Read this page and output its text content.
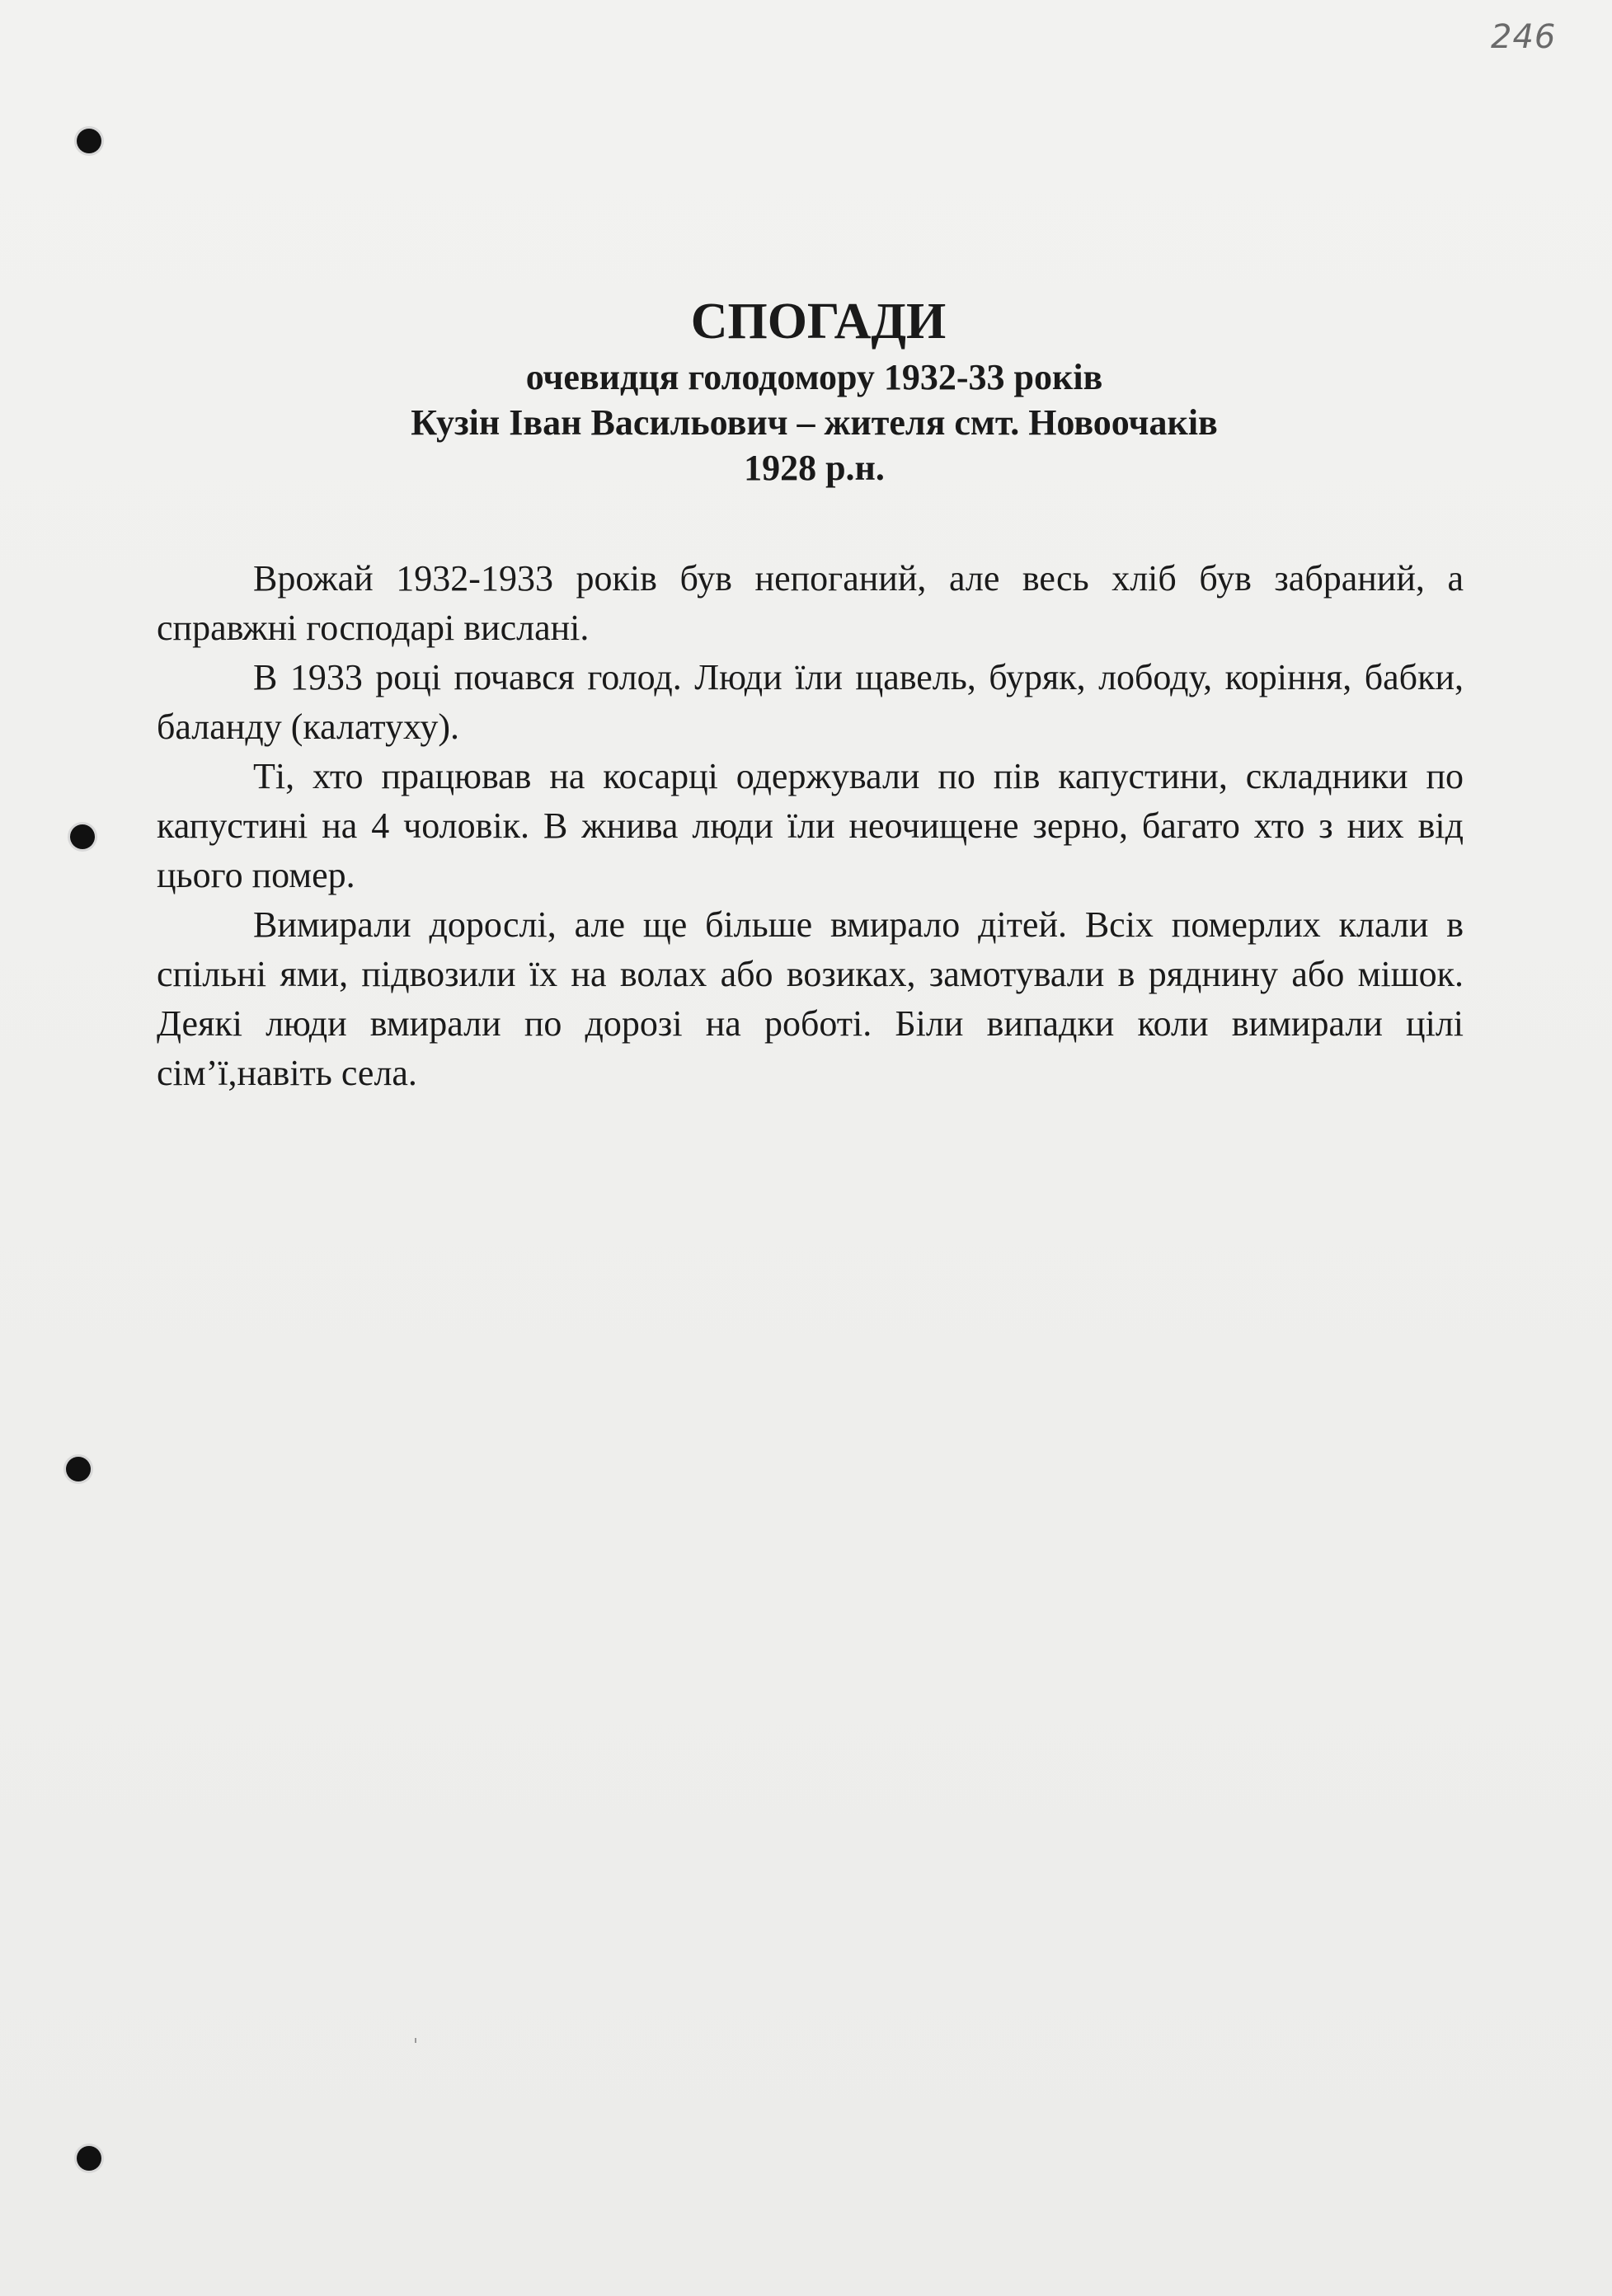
246
СПОГАДИ
очевидця голодомору 1932-33 років
Кузін Іван Васильович – жителя смт. Новоочаків
1928 р.н.

Врожай 1932-1933 років був непоганий, але весь хліб був забраний, а справжні господарі вислані.

В 1933 році почався голод. Люди їли щавель, буряк, лободу, коріння, бабки, баланду (калатуху).

Ті, хто працював на косарці одержували по пів капустини, складники по капустині на 4 чоловік. В жнива люди їли неочищене зерно, багато хто з них від цього помер.

Вимирали дорослі, але ще більше вмирало дітей. Всіх померлих клали в спільні ями, підвозили їх на волах або возиках, замотували в ряднину або мішок. Деякі люди вмирали по дорозі на роботі. Біли випадки коли вимирали цілі сім’ї,навіть села.
